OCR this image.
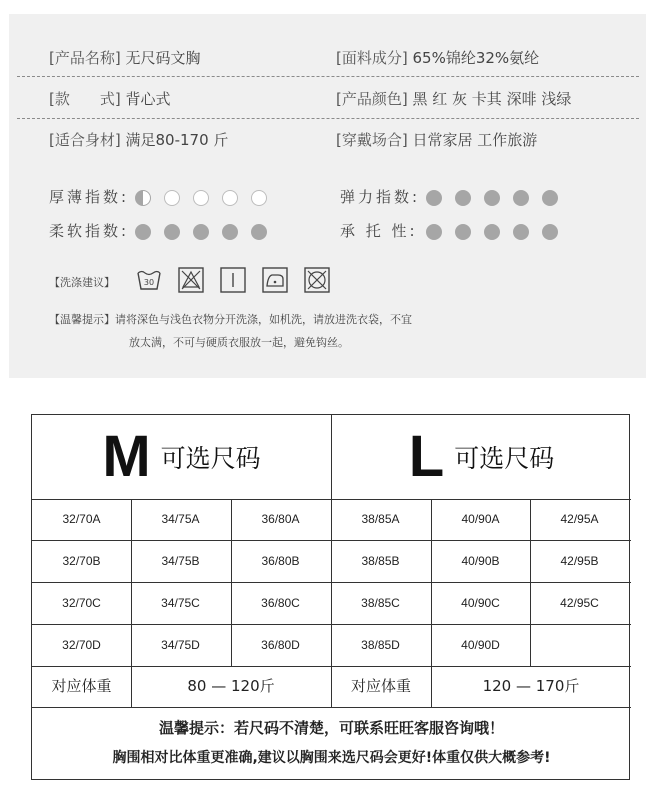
[产品名称] 无尺码文胸	[面料成分] 65%锦纶32%氨纶
[款　　式] 背心式	[产品颜色] 黑 红 灰 卡其 深啡 浅绿
[适合身材] 满足80-170 斤	[穿戴场合] 日常家居 工作旅游
厚薄指数:	弹力指数:
柔软指数:	承 托 性:
【洗涤建议】	30

【温馨提示】请将深色与浅色衣物分开洗涤，如机洗，请放进洗衣袋，不宜
放太满，不可与硬质衣服放一起，避免钩丝。
M 可选尺码	L 可选尺码
32/70A	34/75A	36/80A	38/85A	40/90A	42/95A
32/70B	34/75B	36/80B	38/85B	40/90B	42/95B
32/70C	34/75C	36/80C	38/85C	40/90C	42/95C
32/70D	34/75D	36/80D	38/85D	40/90D
对应体重	80 — 120斤	对应体重	120 — 170斤
温馨提示：若尺码不清楚，可联系旺旺客服咨询哦！
胸围相对比体重更准确,建议以胸围来选尺码会更好!体重仅供大概参考!
